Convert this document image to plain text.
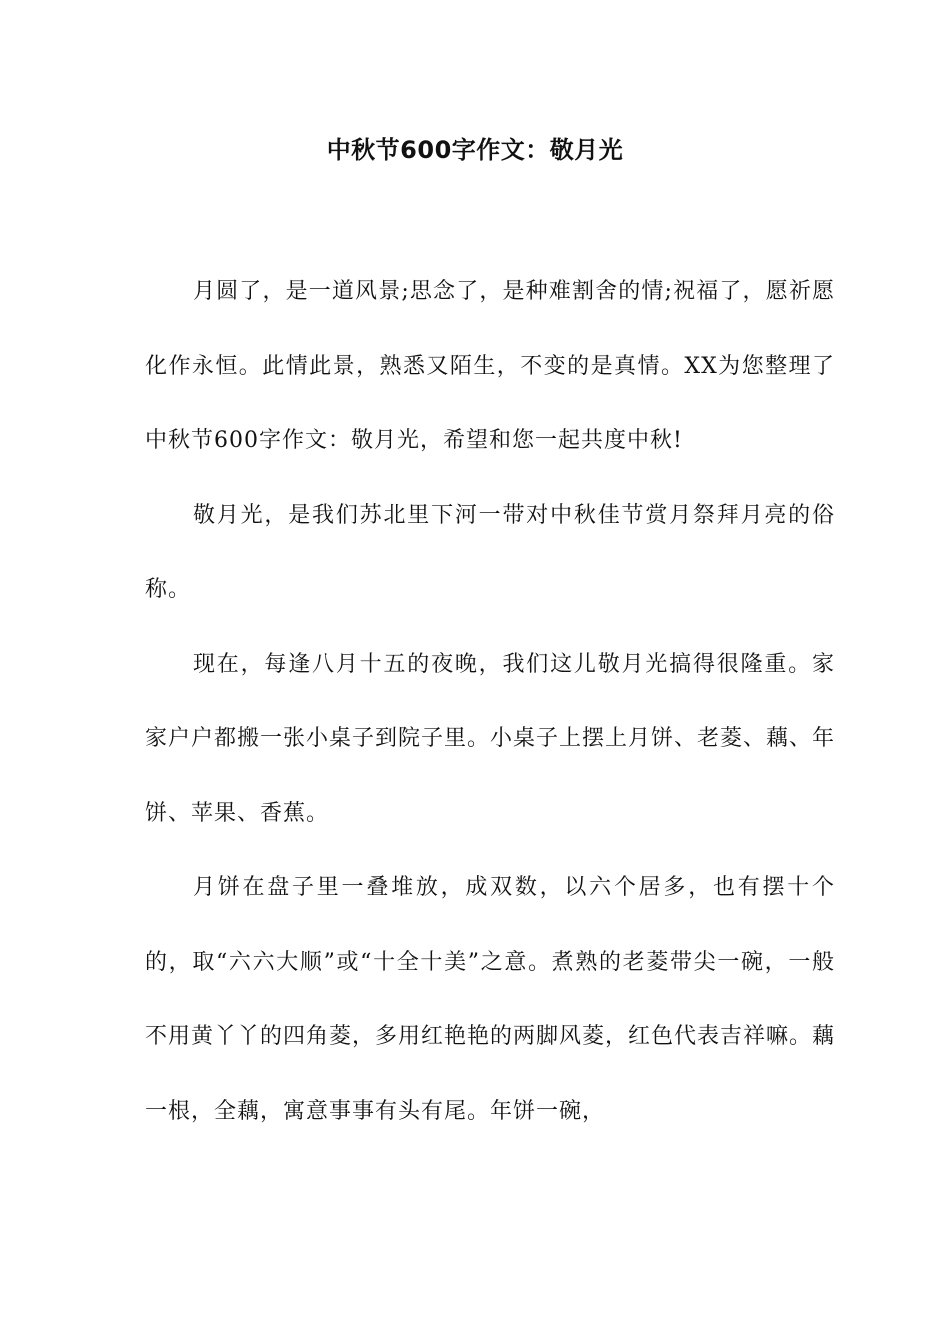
中秋节600字作文：敬月光

月圆了，是一道风景;思念了，是种难割舍的情;祝福了，愿祈愿化作永恒。此情此景，熟悉又陌生，不变的是真情。XX为您整理了中秋节600字作文：敬月光，希望和您一起共度中秋!

敬月光，是我们苏北里下河一带对中秋佳节赏月祭拜月亮的俗称。

现在，每逢八月十五的夜晚，我们这儿敬月光搞得很隆重。家家户户都搬一张小桌子到院子里。小桌子上摆上月饼、老菱、藕、年饼、苹果、香蕉。

月饼在盘子里一叠堆放，成双数，以六个居多，也有摆十个的，取“六六大顺”或“十全十美”之意。煮熟的老菱带尖一碗，一般不用黄丫丫的四角菱，多用红艳艳的两脚风菱，红色代表吉祥嘛。藕一根，全藕，寓意事事有头有尾。年饼一碗，
